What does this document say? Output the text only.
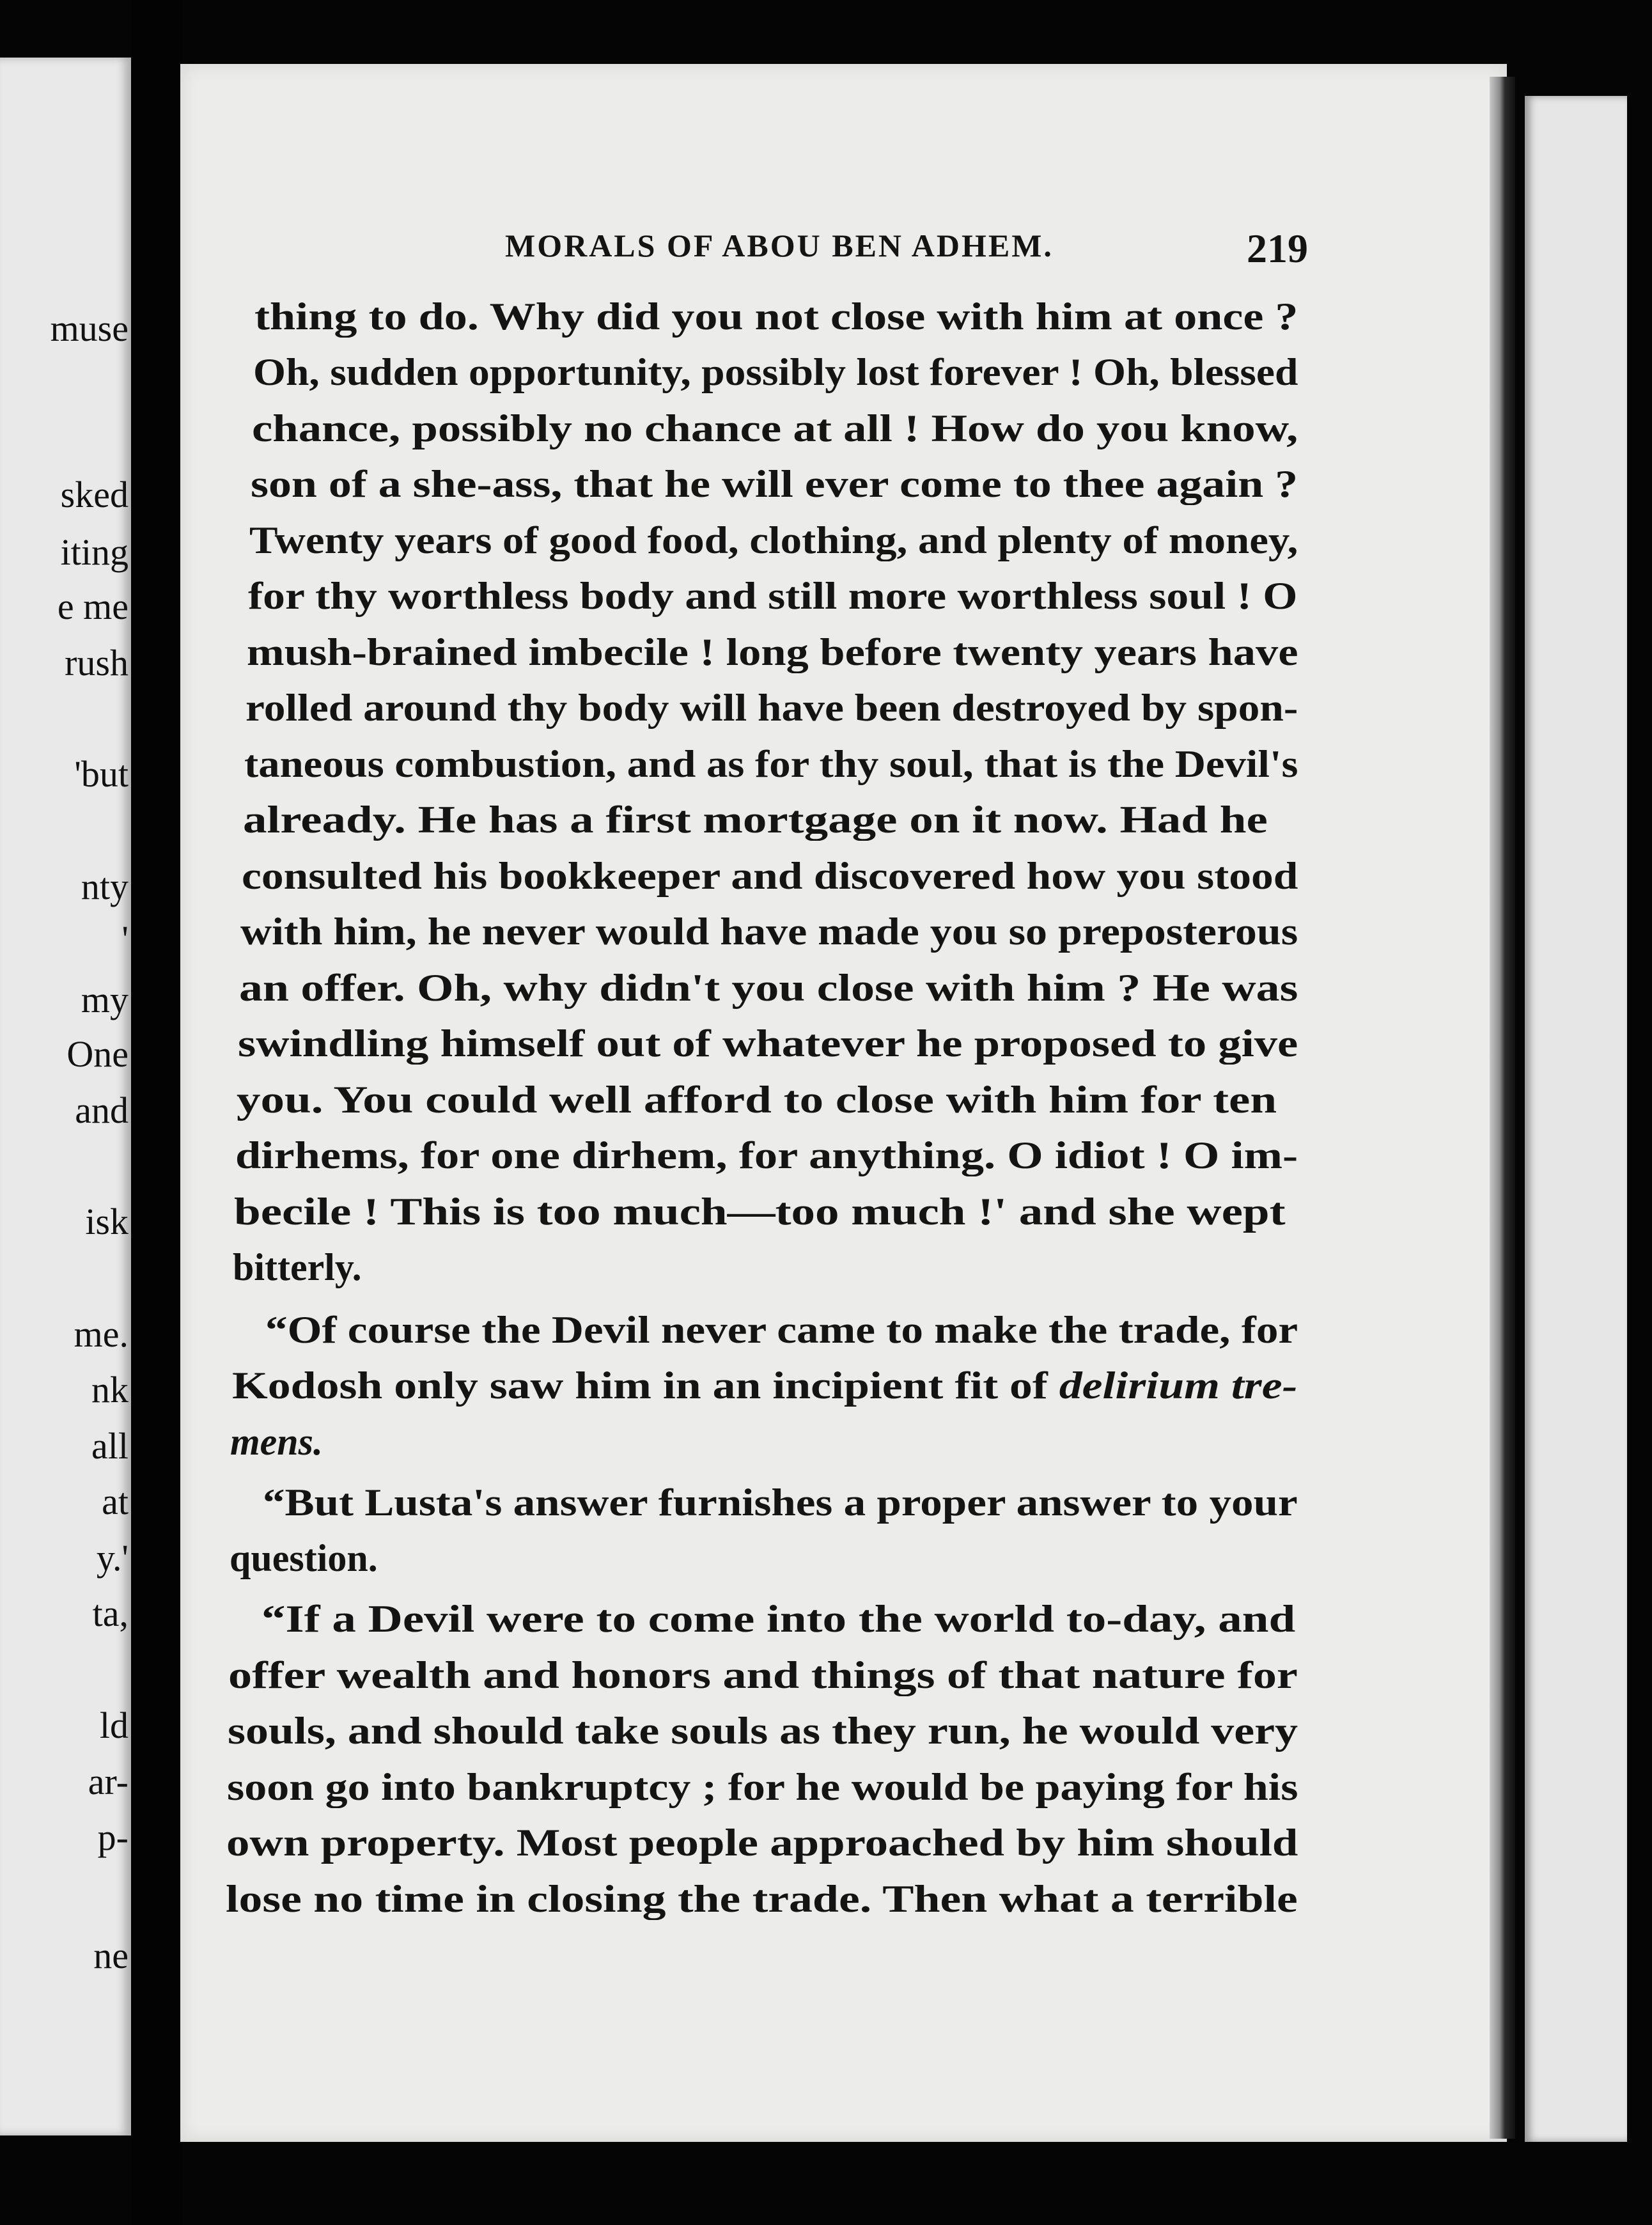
muse
sked
iting
e me
rush
'but
nty
'
my
One
and
isk
me.
nk
all
at
y.'
ta,
ld
ar-
p-
ne
MORALS OF ABOU BEN ADHEM.	219
thing to do. Why did you not close with him at once ?
Oh, sudden opportunity, possibly lost forever ! Oh, blessed
chance, possibly no chance at all ! How do you know,
son of a she-ass, that he will ever come to thee again ?
Twenty years of good food, clothing, and plenty of money,
for thy worthless body and still more worthless soul ! O
mush-brained imbecile ! long before twenty years have
rolled around thy body will have been destroyed by spon-
taneous combustion, and as for thy soul, that is the Devil's
already. He has a first mortgage on it now. Had he
consulted his bookkeeper and discovered how you stood
with him, he never would have made you so preposterous
an offer. Oh, why didn't you close with him ? He was
swindling himself out of whatever he proposed to give
you. You could well afford to close with him for ten
dirhems, for one dirhem, for anything. O idiot ! O im-
becile ! This is too much—too much !' and she wept
bitterly.
“Of course the Devil never came to make the trade, for
Kodosh only saw him in an incipient fit of delirium tre-
mens.
“But Lusta's answer furnishes a proper answer to your
question.
“If a Devil were to come into the world to-day, and
offer wealth and honors and things of that nature for
souls, and should take souls as they run, he would very
soon go into bankruptcy ; for he would be paying for his
own property. Most people approached by him should
lose no time in closing the trade. Then what a terrible
